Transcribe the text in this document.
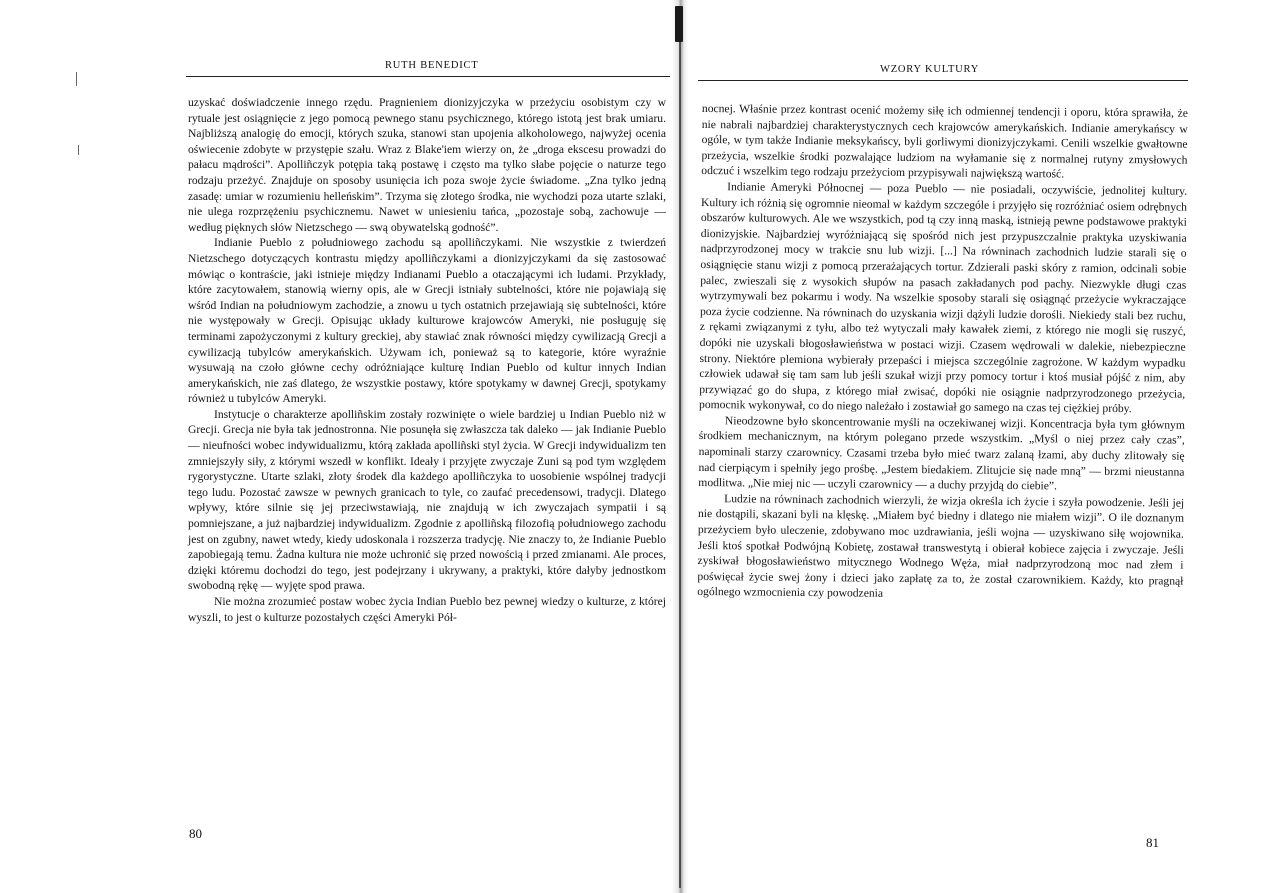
RUTH BENEDICT

uzyskać doświadczenie innego rzędu. Pragnieniem dionizyjczyka w przeżyciu osobistym czy w rytuale jest osiągnięcie z jego pomocą pewnego stanu psychicznego, którego istotą jest brak umiaru. Najbliższą analogię do emocji, których szuka, stanowi stan upojenia alkoholowego, najwyżej ocenia oświecenie zdobyte w przystępie szału. Wraz z Blake'iem wierzy on, że „droga ekscesu prowadzi do pałacu mądrości”. Apolliñczyk potępia taką postawę i często ma tylko słabe pojęcie o naturze tego rodzaju przeżyć. Znajduje on sposoby usunięcia ich poza swoje życie świadome. „Zna tylko jedną zasadę: umiar w rozumieniu helleńskim”. Trzyma się złotego środka, nie wychodzi poza utarte szlaki, nie ulega rozprzężeniu psychicznemu. Nawet w uniesieniu tańca, „pozostaje sobą, zachowuje — według pięknych słów Nietzschego — swą obywatelską godność”.

Indianie Pueblo z południowego zachodu są apolliñczykami. Nie wszystkie z twierdzeń Nietzschego dotyczących kontrastu między apolliñczykami a dionizyjczykami da się zastosować mówiąc o kontraście, jaki istnieje między Indianami Pueblo a otaczającymi ich ludami. Przykłady, które zacytowałem, stanowią wierny opis, ale w Grecji istniały subtelności, które nie pojawiają się wśród Indian na południowym zachodzie, a znowu u tych ostatnich przejawiają się subtelności, które nie występowały w Grecji. Opisując układy kulturowe krajowców Ameryki, nie posługuję się terminami zapożyczonymi z kultury greckiej, aby stawiać znak równości między cywilizacją Grecji a cywilizacją tubylców amerykańskich. Używam ich, ponieważ są to kategorie, które wyraźnie wysuwają na czoło główne cechy odróżniające kulturę Indian Pueblo od kultur innych Indian amerykańskich, nie zaś dlatego, że wszystkie postawy, które spotykamy w dawnej Grecji, spotykamy również u tubylców Ameryki.

Instytucje o charakterze apolliñskim zostały rozwinięte o wiele bardziej u Indian Pueblo niż w Grecji. Grecja nie była tak jednostronna. Nie posunęła się zwłaszcza tak daleko — jak Indianie Pueblo — nieufności wobec indywidualizmu, którą zakłada apolliñski styl życia. W Grecji indywidualizm ten zmniejszyły siły, z którymi wszedł w konflikt. Ideały i przyjęte zwyczaje Zuni są pod tym względem rygorystyczne. Utarte szlaki, złoty środek dla każdego apolliñczyka to uosobienie wspólnej tradycji tego ludu. Pozostać zawsze w pewnych granicach to tyle, co zaufać precedensowi, tradycji. Dlatego wpływy, które silnie się jej przeciwstawiają, nie znajdują w ich zwyczajach sympatii i są pomniejszane, a już najbardziej indywidualizm. Zgodnie z apolliñską filozofią południowego zachodu jest on zgubny, nawet wtedy, kiedy udoskonala i rozszerza tradycję. Nie znaczy to, że Indianie Pueblo zapobiegają temu. Żadna kultura nie może uchronić się przed nowością i przed zmianami. Ale proces, dzięki któremu dochodzi do tego, jest podejrzany i ukrywany, a praktyki, które dałyby jednostkom swobodną rękę — wyjęte spod prawa.

Nie można zrozumieć postaw wobec życia Indian Pueblo bez pewnej wiedzy o kulturze, z której wyszli, to jest o kulturze pozostałych części Ameryki Pół-

80
WZORY KULTURY

nocnej. Właśnie przez kontrast ocenić możemy siłę ich odmiennej tendencji i oporu, która sprawiła, że nie nabrali najbardziej charakterystycznych cech krajowców amerykańskich. Indianie amerykańscy w ogóle, w tym także Indianie meksykańscy, byli gorliwymi dionizyjczykami. Cenili wszelkie gwałtowne przeżycia, wszelkie środki pozwalające ludziom na wyłamanie się z normalnej rutyny zmysłowych odczuć i wszelkim tego rodzaju przeżyciom przypisywali największą wartość.

Indianie Ameryki Północnej — poza Pueblo — nie posiadali, oczywiście, jednolitej kultury. Kultury ich różnią się ogromnie nieomal w każdym szczególe i przyjęło się rozróżniać osiem odrębnych obszarów kulturowych. Ale we wszystkich, pod tą czy inną maską, istnieją pewne podstawowe praktyki dionizyjskie. Najbardziej wyróżniającą się spośród nich jest przypuszczalnie praktyka uzyskiwania nadprzyrodzonej mocy w trakcie snu lub wizji. [...] Na równinach zachodnich ludzie starali się o osiągnięcie stanu wizji z pomocą przerażających tortur. Zdzierali paski skóry z ramion, odcinali sobie palec, zwieszali się z wysokich słupów na pasach zakładanych pod pachy. Niezwykle długi czas wytrzymywali bez pokarmu i wody. Na wszelkie sposoby starali się osiągnąć przeżycie wykraczające poza życie codzienne. Na równinach do uzyskania wizji dążyli ludzie dorośli. Niekiedy stali bez ruchu, z rękami związanymi z tyłu, albo też wytyczali mały kawałek ziemi, z którego nie mogli się ruszyć, dopóki nie uzyskali błogosławieństwa w postaci wizji. Czasem wędrowali w dalekie, niebezpieczne strony. Niektóre plemiona wybierały przepaści i miejsca szczególnie zagrożone. W każdym wypadku człowiek udawał się tam sam lub jeśli szukał wizji przy pomocy tortur i ktoś musiał pójść z nim, aby przywiązać go do słupa, z którego miał zwisać, dopóki nie osiągnie nadprzyrodzonego przeżycia, pomocnik wykonywał, co do niego należało i zostawiał go samego na czas tej ciężkiej próby.

Nieodzowne było skoncentrowanie myśli na oczekiwanej wizji. Koncentracja była tym głównym środkiem mechanicznym, na którym polegano przede wszystkim. „Myśl o niej przez cały czas”, napominali starzy czarownicy. Czasami trzeba było mieć twarz zalaną łzami, aby duchy zlitowały się nad cierpiącym i spełniły jego prośbę. „Jestem biedakiem. Zlitujcie się nade mną” — brzmi nieustanna modlitwa. „Nie miej nic — uczyli czarownicy — a duchy przyjdą do ciebie”.

Ludzie na równinach zachodnich wierzyli, że wizja określa ich życie i szyła powodzenie. Jeśli jej nie dostąpili, skazani byli na klęskę. „Miałem być biedny i dlatego nie miałem wizji”. O ile doznanym przeżyciem było uleczenie, zdobywano moc uzdrawiania, jeśli wojna — uzyskiwano siłę wojownika. Jeśli ktoś spotkał Podwójną Kobietę, zostawał transwestytą i obierał kobiece zajęcia i zwyczaje. Jeśli zyskiwał błogosławieństwo mitycznego Wodnego Węża, miał nadprzyrodzoną moc nad złem i poświęcał życie swej żony i dzieci jako zapłatę za to, że został czarownikiem. Każdy, kto pragnął ogólnego wzmocnienia czy powodzenia

81
